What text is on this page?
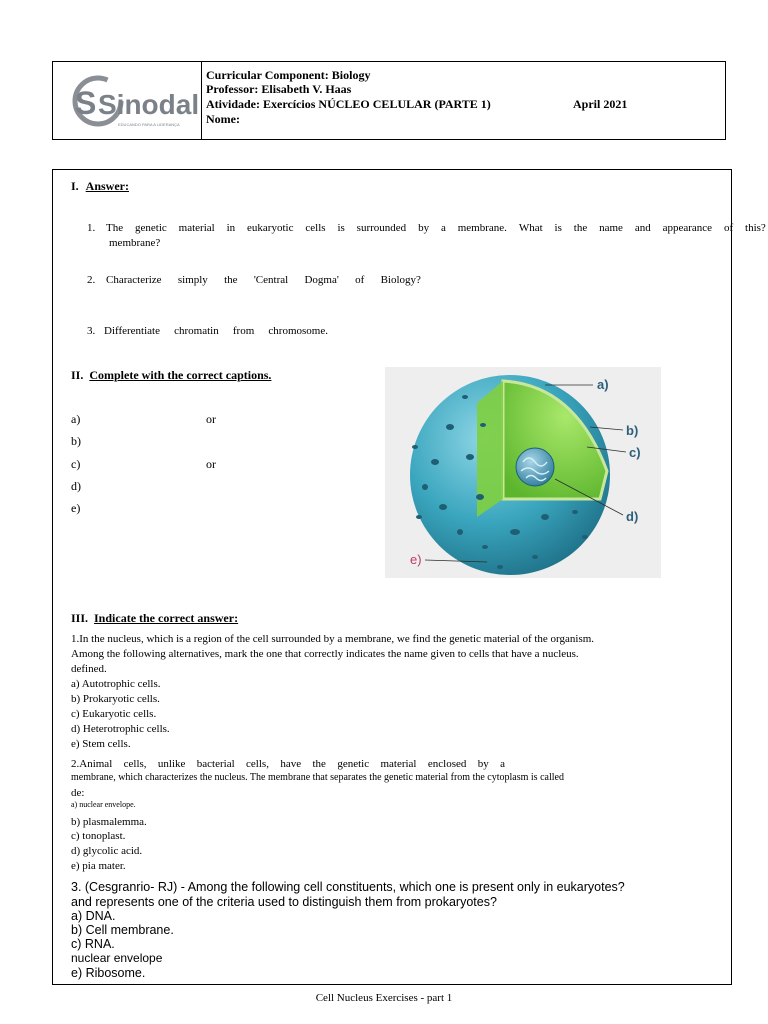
S Sinodal
EDUCANDO PARA A LIDERANÇA
Curricular Component: Biology
Professor: Elisabeth V. Haas
Atividade: Exercícios NÚCLEO CELULAR (PARTE 1)	April 2021
Nome:
I. Answer:
1. The genetic material in eukaryotic cells is surrounded by a membrane. What is the name and appearance of this?
membrane?
2. Characterize simply the 'Central Dogma' of Biology?
3. Differentiate chromatin from chromosome.
II. Complete with the correct captions.
a)	or
b)
c)	or
d)
e)
a)
b)
c)
d)
e)
III. Indicate the correct answer:
1.In the nucleus, which is a region of the cell surrounded by a membrane, we find the genetic material of the organism.
Among the following alternatives, mark the one that correctly indicates the name given to cells that have a nucleus.
defined.
a) Autotrophic cells.
b) Prokaryotic cells.
c) Eukaryotic cells.
d) Heterotrophic cells.
e) Stem cells.
2.Animal cells, unlike bacterial cells, have the genetic material enclosed by a
membrane, which characterizes the nucleus. The membrane that separates the genetic material from the cytoplasm is called
de:
a) nuclear envelope.
b) plasmalemma.
c) tonoplast.
d) glycolic acid.
e) pia mater.
3. (Cesgranrio- RJ) - Among the following cell constituents, which one is present only in eukaryotes?
and represents one of the criteria used to distinguish them from prokaryotes?
a) DNA.
b) Cell membrane.
c) RNA.
nuclear envelope
e) Ribosome.
Cell Nucleus Exercises - part 1
